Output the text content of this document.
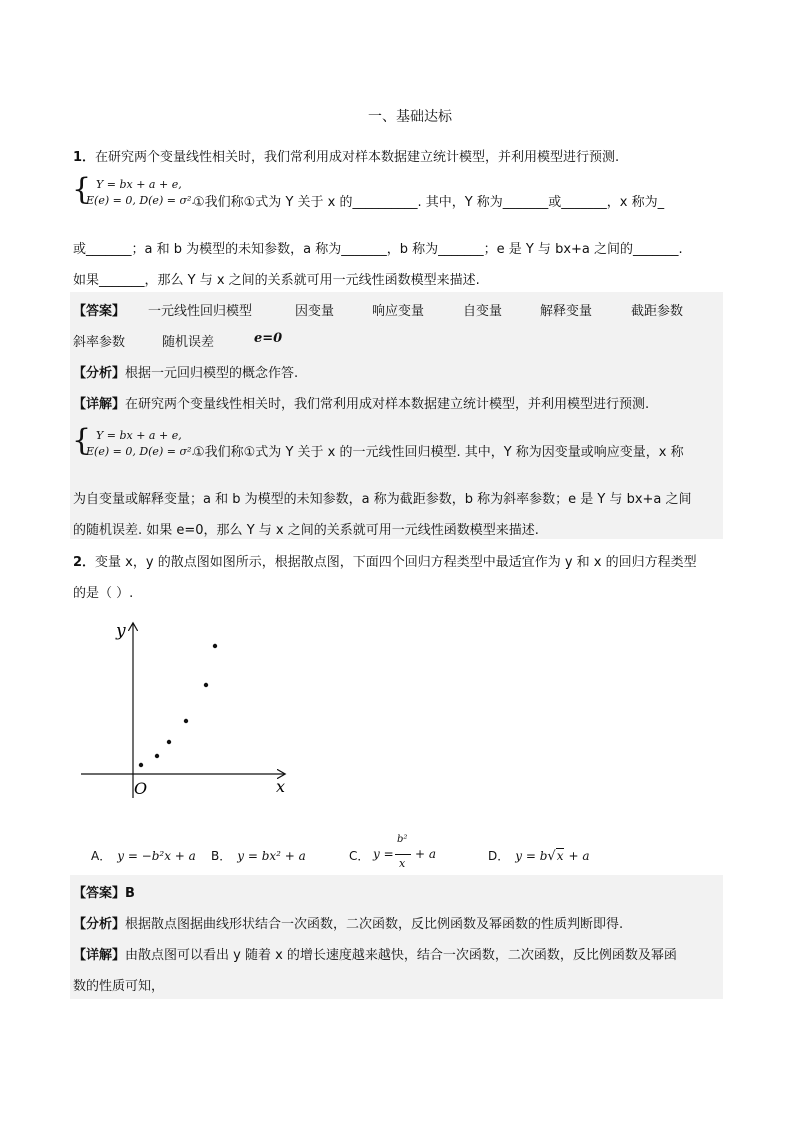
一、基础达标
1．在研究两个变量线性相关时，我们常利用成对样本数据建立统计模型，并利用模型进行预测.
{ Y = bx + a + e,
E(e) = 0, D(e) = σ².
①我们称①式为 Y 关于 x 的__________. 其中，Y 称为_______或_______，x 称为_
或_______；a 和 b 为模型的未知参数，a 称为_______，b 称为_______；e 是 Y 与 bx+a 之间的_______.
如果_______，那么 Y 与 x 之间的关系就可用一元线性函数模型来描述.
【答案】 一元线性回归模型	因变量	响应变量	自变量	解释变量	截距参数
斜率参数	随机误差	e=0
【分析】根据一元回归模型的概念作答.
【详解】在研究两个变量线性相关时，我们常利用成对样本数据建立统计模型，并利用模型进行预测.
{ Y = bx + a + e,
E(e) = 0, D(e) = σ².
①我们称①式为 Y 关于 x 的一元线性回归模型. 其中，Y 称为因变量或响应变量，x 称
为自变量或解释变量；a 和 b 为模型的未知参数，a 称为截距参数，b 称为斜率参数；e 是 Y 与 bx+a 之间
的随机误差. 如果 e=0，那么 Y 与 x 之间的关系就可用一元线性函数模型来描述.
2．变量 x，y 的散点图如图所示，根据散点图，下面四个回归方程类型中最适宜作为 y 和 x 的回归方程类型
的是（ ）.
y
x
O
A． y = −b²x + a B． y = bx² + a	C． y =
b²
x
+ a	D． y = b√x + a
【答案】B
【分析】根据散点图据曲线形状结合一次函数，二次函数，反比例函数及幂函数的性质判断即得.
【详解】由散点图可以看出 y 随着 x 的增长速度越来越快，结合一次函数，二次函数，反比例函数及幂函
数的性质可知，
